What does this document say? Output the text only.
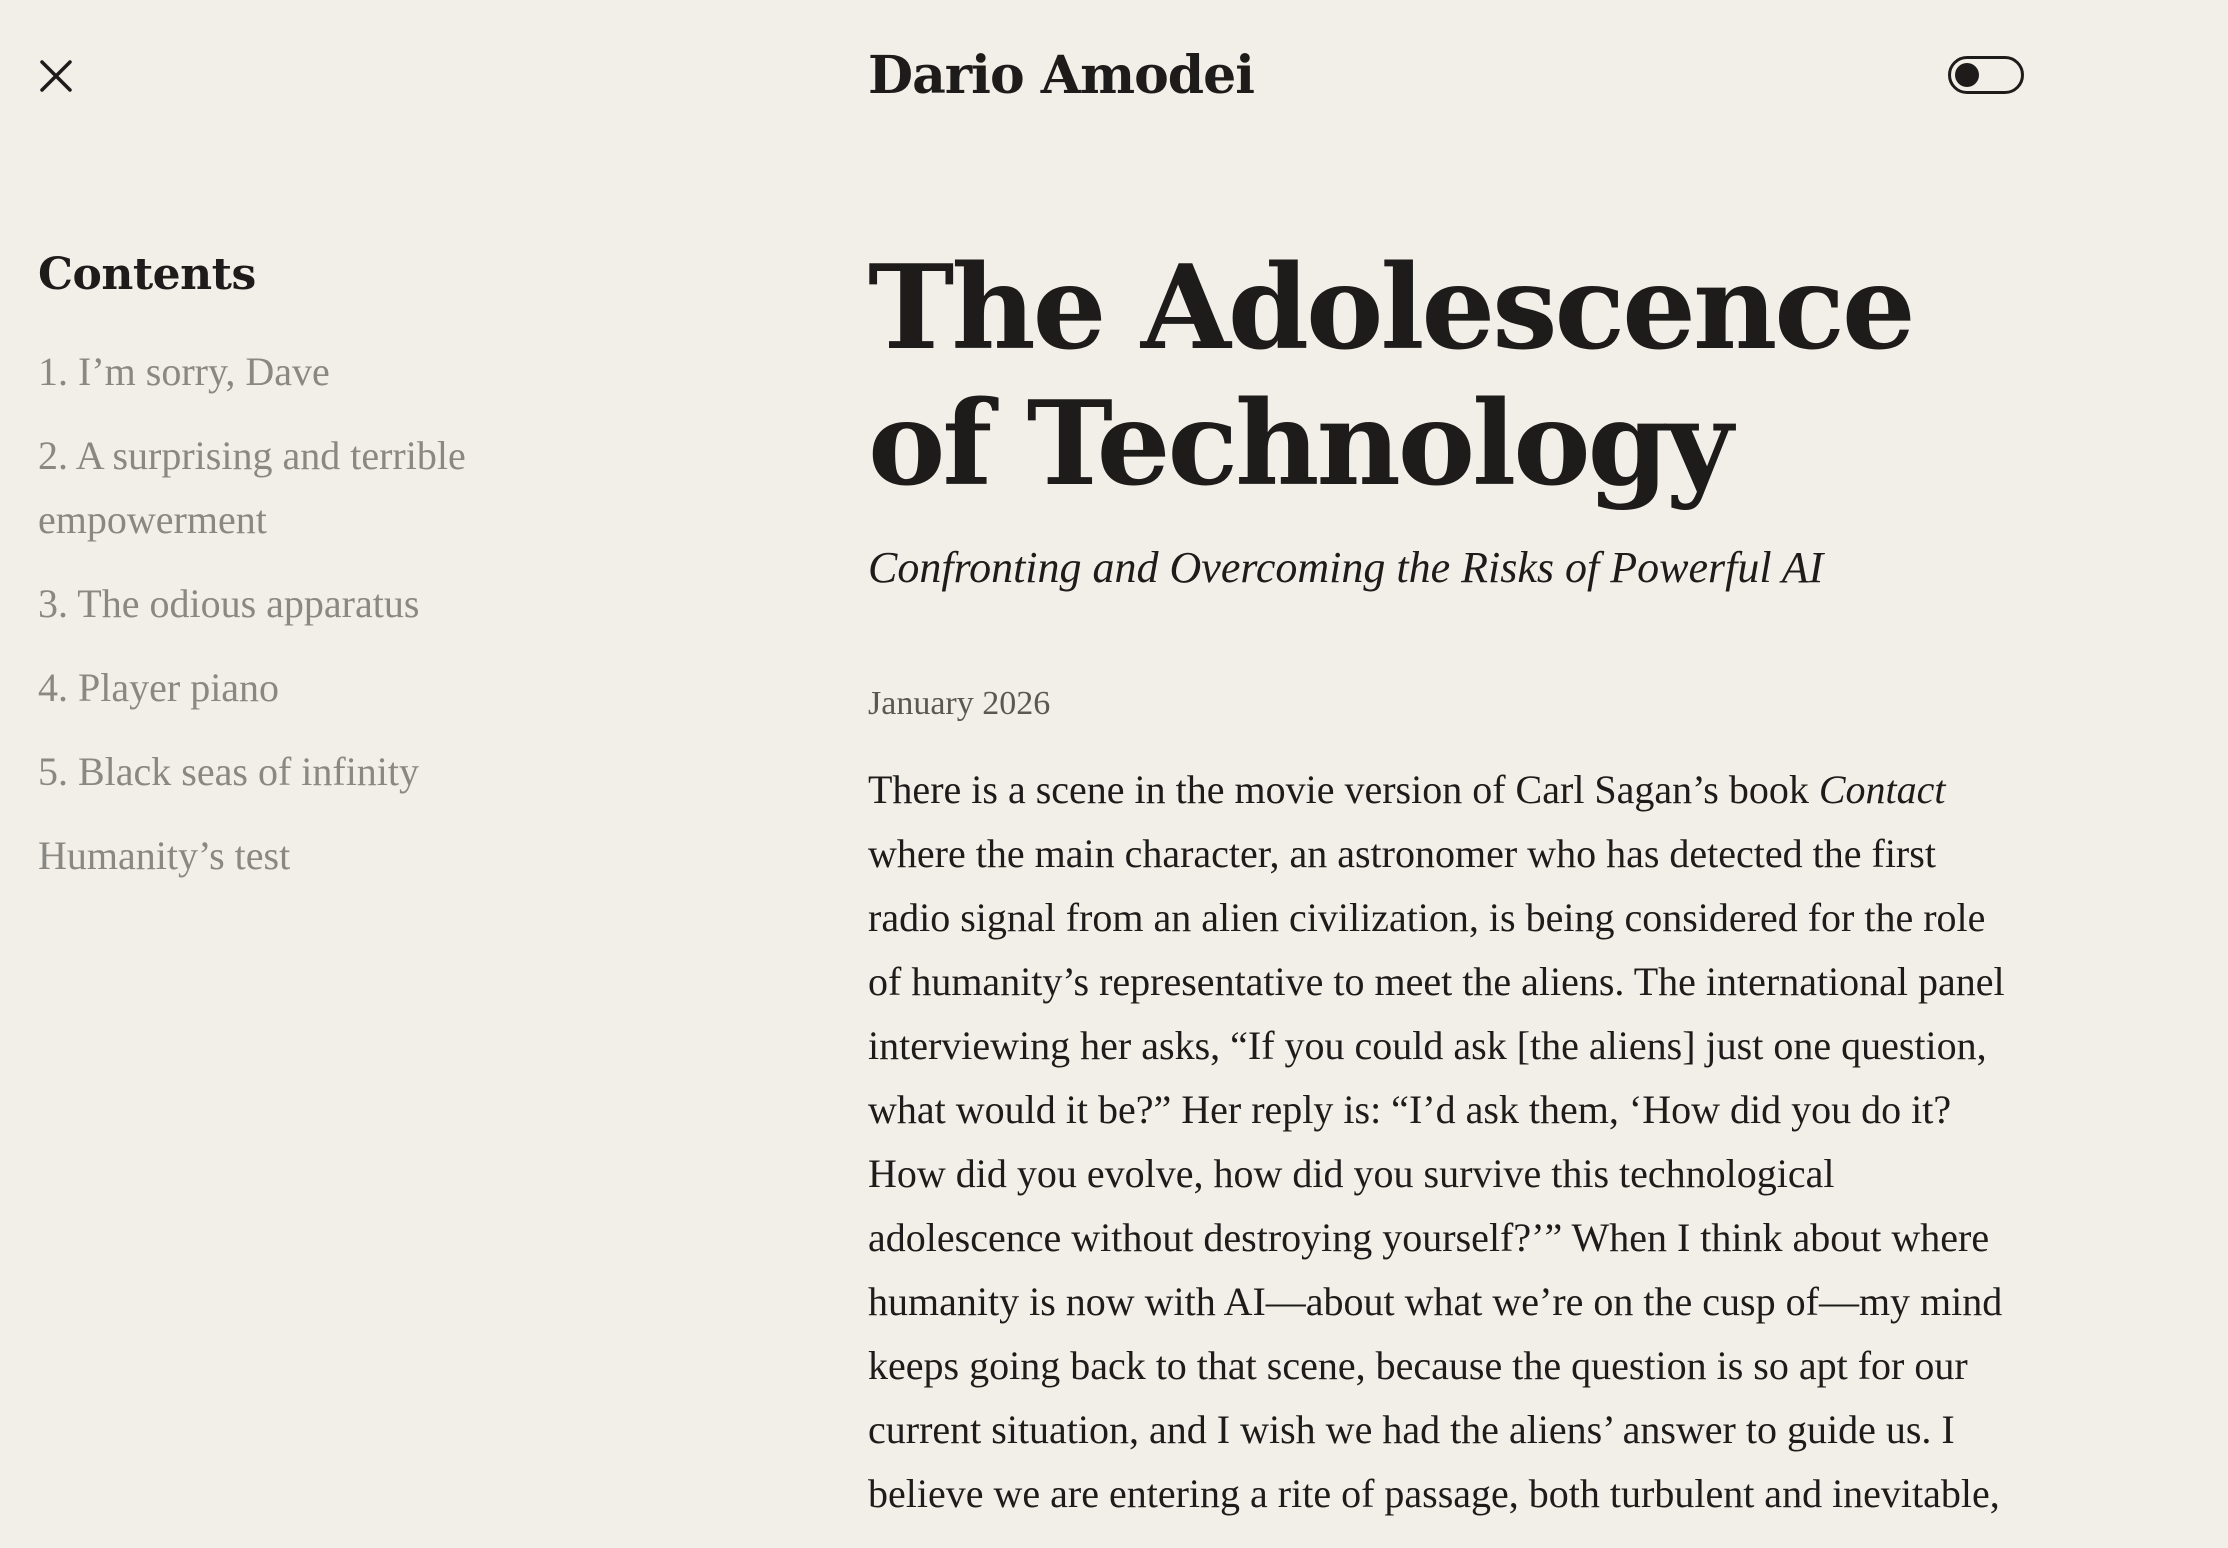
Dario Amodei
Contents
1. I’m sorry, Dave
2. A surprising and terrible empowerment
3. The odious apparatus
4. Player piano
5. Black seas of infinity
Humanity’s test
The Adolescence of Technology

Confronting and Overcoming the Risks of Powerful AI

January 2026

There is a scene in the movie version of Carl Sagan’s book Contact where the main character, an astronomer who has detected the first radio signal from an alien civilization, is being considered for the role of humanity’s representative to meet the aliens. The international panel interviewing her asks, “If you could ask [the aliens] just one question, what would it be?” Her reply is: “I’d ask them, ‘How did you do it? How did you evolve, how did you survive this technological adolescence without destroying yourself?’” When I think about where humanity is now with AI—about what we’re on the cusp of—my mind keeps going back to that scene, because the question is so apt for our current situation, and I wish we had the aliens’ answer to guide us. I believe we are entering a rite of passage, both turbulent and inevitable,
